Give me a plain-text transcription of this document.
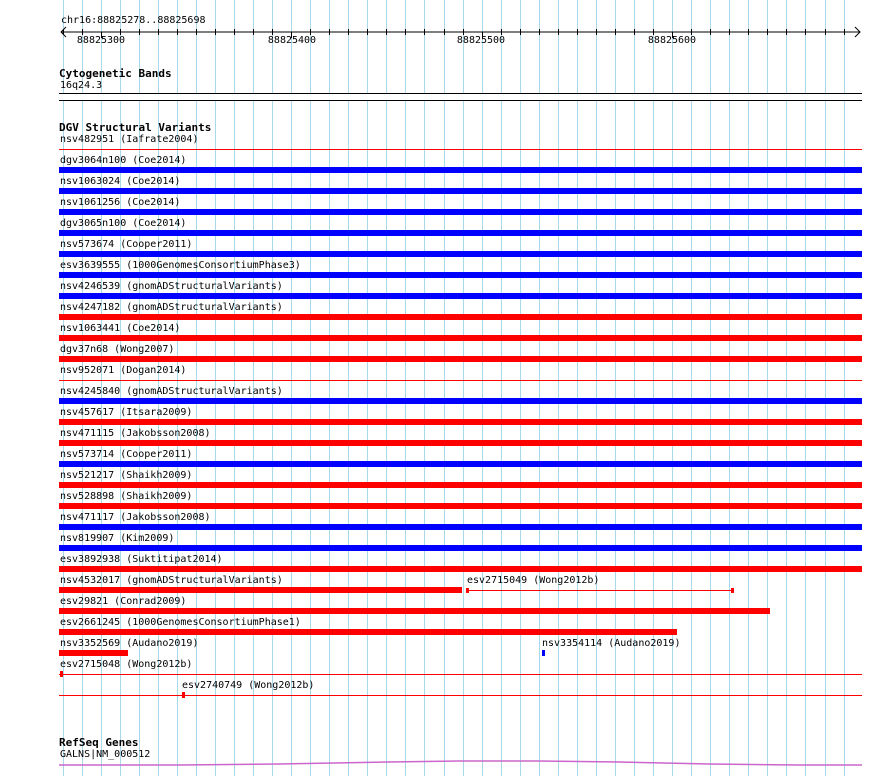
chr16:88825278..88825698
88825300	88825400	88825500	88825600
Cytogenetic Bands
16q24.3
DGV Structural Variants
nsv482951 (Iafrate2004)
dgv3064n100 (Coe2014)
nsv1063024 (Coe2014)
nsv1061256 (Coe2014)
dgv3065n100 (Coe2014)
nsv573674 (Cooper2011)
esv3639555 (1000GenomesConsortiumPhase3)
nsv4246539 (gnomADStructuralVariants)
nsv4247182 (gnomADStructuralVariants)
nsv1063441 (Coe2014)
dgv37n68 (Wong2007)
nsv952071 (Dogan2014)
nsv4245840 (gnomADStructuralVariants)
nsv457617 (Itsara2009)
nsv471115 (Jakobsson2008)
nsv573714 (Cooper2011)
nsv521217 (Shaikh2009)
nsv528898 (Shaikh2009)
nsv471117 (Jakobsson2008)
nsv819907 (Kim2009)
esv3892938 (Suktitipat2014)
nsv4532017 (gnomADStructuralVariants)	esv2715049 (Wong2012b)
esv29821 (Conrad2009)
esv2661245 (1000GenomesConsortiumPhase1)
nsv3352569 (Audano2019)	nsv3354114 (Audano2019)
esv2715048 (Wong2012b)
esv2740749 (Wong2012b)
RefSeq Genes
GALNS|NM_000512
